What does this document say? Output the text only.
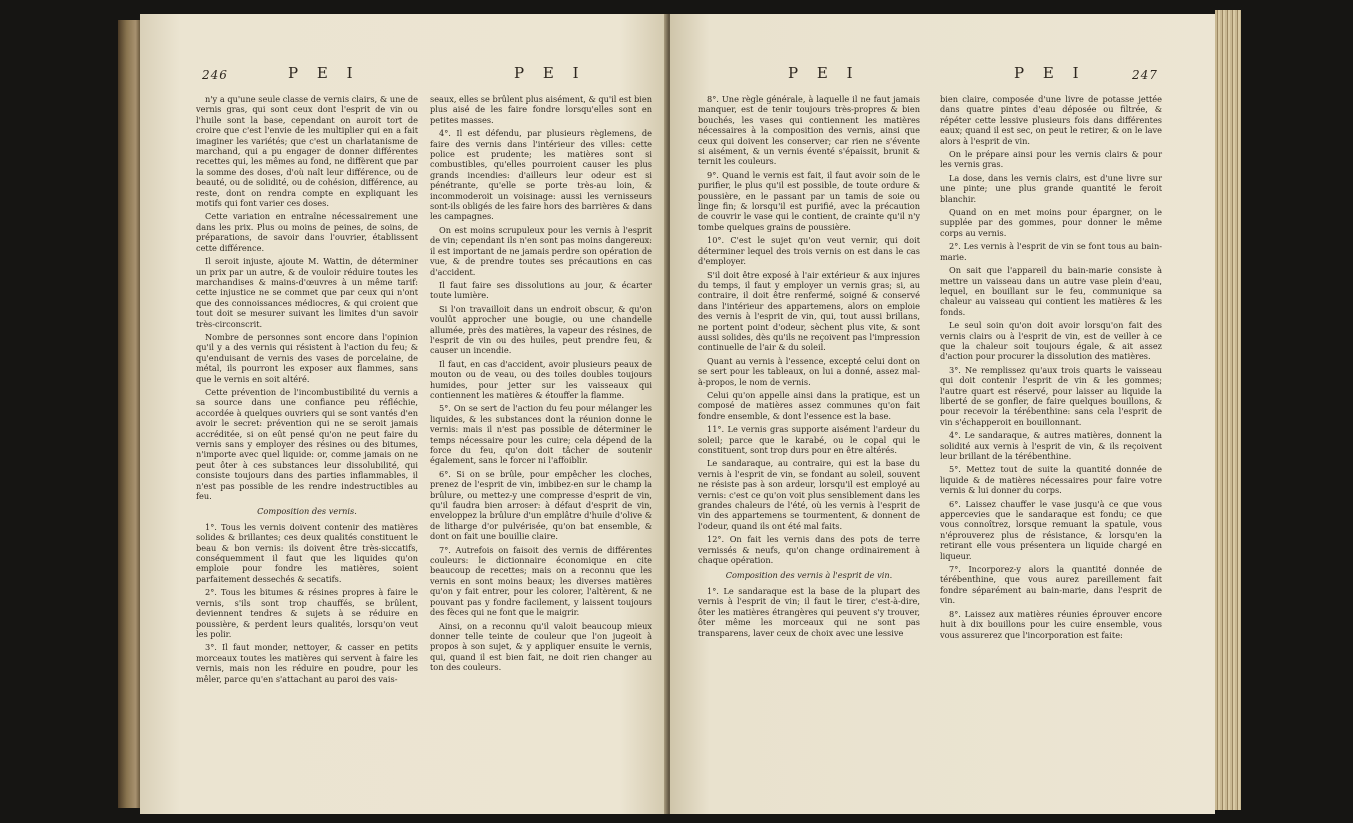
246	P E I	P E I

n'y a qu'une seule classe de vernis clairs, & une de vernis gras, qui sont ceux dont l'esprit de vin ou l'huile sont la base, cependant on auroit tort de croire que c'est l'envie de les multiplier qui en a fait imaginer les variétés; que c'est un charlatanisme de marchand, qui a pu engager de donner différentes recettes qui, les mêmes au fond, ne diffèrent que par la somme des doses, d'où naît leur différence, ou de beauté, ou de solidité, ou de cohésion, différence, au reste, dont on rendra compte en expliquant les motifs qui font varier ces doses.

Cette variation en entraîne nécessairement une dans les prix. Plus ou moins de peines, de soins, de préparations, de savoir dans l'ouvrier, établissent cette différence.

Il seroit injuste, ajoute M. Wattin, de déterminer un prix par un autre, & de vouloir réduire toutes les marchandises & mains-d'œuvres à un même tarif: cette injustice ne se commet que par ceux qui n'ont que des connoissances médiocres, & qui croient que tout doit se mesurer suivant les limites d'un savoir très-circonscrit.

Nombre de personnes sont encore dans l'opinion qu'il y a des vernis qui résistent à l'action du feu; & qu'enduisant de vernis des vases de porcelaine, de métal, ils pourront les exposer aux flammes, sans que le vernis en soit altéré.

Cette prévention de l'incombustibilité du vernis a sa source dans une confiance peu réfléchie, accordée à quelques ouvriers qui se sont vantés d'en avoir le secret: prévention qui ne se seroit jamais accréditée, si on eût pensé qu'on ne peut faire du vernis sans y employer des résines ou des bitumes, n'importe avec quel liquide: or, comme jamais on ne peut ôter à ces substances leur dissolubilité, qui consiste toujours dans des parties inflammables, il n'est pas possible de les rendre indestructibles au feu.

Composition des vernis.

1°. Tous les vernis doivent contenir des matières solides & brillantes; ces deux qualités constituent le beau & bon vernis: ils doivent être très-siccatifs, conséquemment il faut que les liquides qu'on emploie pour fondre les matières, soient parfaitement dessechés & secatifs.

2°. Tous les bitumes & résines propres à faire le vernis, s'ils sont trop chauffés, se brûlent, deviennent tendres & sujets à se réduire en poussière, & perdent leurs qualités, lorsqu'on veut les polir.

3°. Il faut monder, nettoyer, & casser en petits morceaux toutes les matières qui servent à faire les vernis, mais non les réduire en poudre, pour les mêler, parce qu'en s'attachant au paroi des vais-

seaux, elles se brûlent plus aisément, & qu'il est bien plus aisé de les faire fondre lorsqu'elles sont en petites masses.

4°. Il est défendu, par plusieurs règlemens, de faire des vernis dans l'intérieur des villes: cette police est prudente; les matières sont si combustibles, qu'elles pourroient causer les plus grands incendies: d'ailleurs leur odeur est si pénétrante, qu'elle se porte très-au loin, & incommoderoit un voisinage: aussi les vernisseurs sont-ils obligés de les faire hors des barrières & dans les campagnes.

On est moins scrupuleux pour les vernis à l'esprit de vin; cependant ils n'en sont pas moins dangereux: il est important de ne jamais perdre son opération de vue, & de prendre toutes ses précautions en cas d'accident.

Il faut faire ses dissolutions au jour, & écarter toute lumière.

Si l'on travailloit dans un endroit obscur, & qu'on voulût approcher une bougie, ou une chandelle allumée, près des matières, la vapeur des résines, de l'esprit de vin ou des huiles, peut prendre feu, & causer un incendie.

Il faut, en cas d'accident, avoir plusieurs peaux de mouton ou de veau, ou des toiles doubles toujours humides, pour jetter sur les vaisseaux qui contiennent les matières & étouffer la flamme.

5°. On se sert de l'action du feu pour mélanger les liquides, & les substances dont la réunion donne le vernis: mais il n'est pas possible de déterminer le temps nécessaire pour les cuire; cela dépend de la force du feu, qu'on doit tâcher de soutenir également, sans le forcer ni l'affoiblir.

6°. Si on se brûle, pour empêcher les cloches, prenez de l'esprit de vin, imbibez-en sur le champ la brûlure, ou mettez-y une compresse d'esprit de vin, qu'il faudra bien arroser: à défaut d'esprit de vin, enveloppez la brûlure d'un emplâtre d'huile d'olive & de litharge d'or pulvérisée, qu'on bat ensemble, & dont on fait une bouillie claire.

7°. Autrefois on faisoit des vernis de différentes couleurs: le dictionnaire économique en cite beaucoup de recettes; mais on a reconnu que les vernis en sont moins beaux; les diverses matières qu'on y fait entrer, pour les colorer, l'altèrent, & ne pouvant pas y fondre facilement, y laissent toujours des fèces qui ne font que le maigrir.

Ainsi, on a reconnu qu'il valoit beaucoup mieux donner telle teinte de couleur que l'on jugeoit à propos à son sujet, & y appliquer ensuite le vernis, qui, quand il est bien fait, ne doit rien changer au ton des couleurs.

P E I	P E I	247

8°. Une règle générale, à laquelle il ne faut jamais manquer, est de tenir toujours très-propres & bien bouchés, les vases qui contiennent les matières nécessaires à la composition des vernis, ainsi que ceux qui doivent les conserver; car rien ne s'évente si aisément, & un vernis éventé s'épaissit, brunit & ternit les couleurs.

9°. Quand le vernis est fait, il faut avoir soin de le purifier, le plus qu'il est possible, de toute ordure & poussière, en le passant par un tamis de soie ou linge fin; & lorsqu'il est purifié, avec la précaution de couvrir le vase qui le contient, de crainte qu'il n'y tombe quelques grains de poussière.

10°. C'est le sujet qu'on veut vernir, qui doit déterminer lequel des trois vernis on est dans le cas d'employer.

S'il doit être exposé à l'air extérieur & aux injures du temps, il faut y employer un vernis gras; si, au contraire, il doit être renfermé, soigné & conservé dans l'intérieur des appartemens, alors on emploie des vernis à l'esprit de vin, qui, tout aussi brillans, ne portent point d'odeur, sèchent plus vite, & sont aussi solides, dès qu'ils ne reçoivent pas l'impression continuelle de l'air & du soleil.

Quant au vernis à l'essence, excepté celui dont on se sert pour les tableaux, on lui a donné, assez mal-à-propos, le nom de vernis.

Celui qu'on appelle ainsi dans la pratique, est un composé de matières assez communes qu'on fait fondre ensemble, & dont l'essence est la base.

11°. Le vernis gras supporte aisément l'ardeur du soleil; parce que le karabé, ou le copal qui le constituent, sont trop durs pour en être altérés.

Le sandaraque, au contraire, qui est la base du vernis à l'esprit de vin, se fondant au soleil, souvent ne résiste pas à son ardeur, lorsqu'il est employé au vernis: c'est ce qu'on voit plus sensiblement dans les grandes chaleurs de l'été, où les vernis à l'esprit de vin des appartemens se tourmentent, & donnent de l'odeur, quand ils ont été mal faits.

12°. On fait les vernis dans des pots de terre vernissés & neufs, qu'on change ordinairement à chaque opération.

Composition des vernis à l'esprit de vin.

1°. Le sandaraque est la base de la plupart des vernis à l'esprit de vin; il faut le tirer, c'est-à-dire, ôter les matières étrangères qui peuvent s'y trouver, ôter même les morceaux qui ne sont pas transparens, laver ceux de choix avec une lessive

bien claire, composée d'une livre de potasse jettée dans quatre pintes d'eau déposée ou filtrée, & répéter cette lessive plusieurs fois dans différentes eaux; quand il est sec, on peut le retirer, & on le lave alors à l'esprit de vin.

On le prépare ainsi pour les vernis clairs & pour les vernis gras.

La dose, dans les vernis clairs, est d'une livre sur une pinte; une plus grande quantité le feroit blanchir.

Quand on en met moins pour épargner, on le supplée par des gommes, pour donner le même corps au vernis.

2°. Les vernis à l'esprit de vin se font tous au bain-marie.

On sait que l'appareil du bain-marie consiste à mettre un vaisseau dans un autre vase plein d'eau, lequel, en bouillant sur le feu, communique sa chaleur au vaisseau qui contient les matières & les fonds.

Le seul soin qu'on doit avoir lorsqu'on fait des vernis clairs ou à l'esprit de vin, est de veiller à ce que la chaleur soit toujours égale, & ait assez d'action pour procurer la dissolution des matières.

3°. Ne remplissez qu'aux trois quarts le vaisseau qui doit contenir l'esprit de vin & les gommes; l'autre quart est réservé, pour laisser au liquide la liberté de se gonfler, de faire quelques bouillons, & pour recevoir la térébenthine: sans cela l'esprit de vin s'échapperoit en bouillonnant.

4°. Le sandaraque, & autres matières, donnent la solidité aux vernis à l'esprit de vin, & ils reçoivent leur brillant de la térébenthine.

5°. Mettez tout de suite la quantité donnée de liquide & de matières nécessaires pour faire votre vernis & lui donner du corps.

6°. Laissez chauffer le vase jusqu'à ce que vous appercevies que le sandaraque est fondu; ce que vous connoîtrez, lorsque remuant la spatule, vous n'éprouverez plus de résistance, & lorsqu'en la retirant elle vous présentera un liquide chargé en liqueur.

7°. Incorporez-y alors la quantité donnée de térébenthine, que vous aurez pareillement fait fondre séparément au bain-marie, dans l'esprit de vin.

8°. Laissez aux matières réunies éprouver encore huit à dix bouillons pour les cuire ensemble, vous vous assurerez que l'incorporation est faite:
